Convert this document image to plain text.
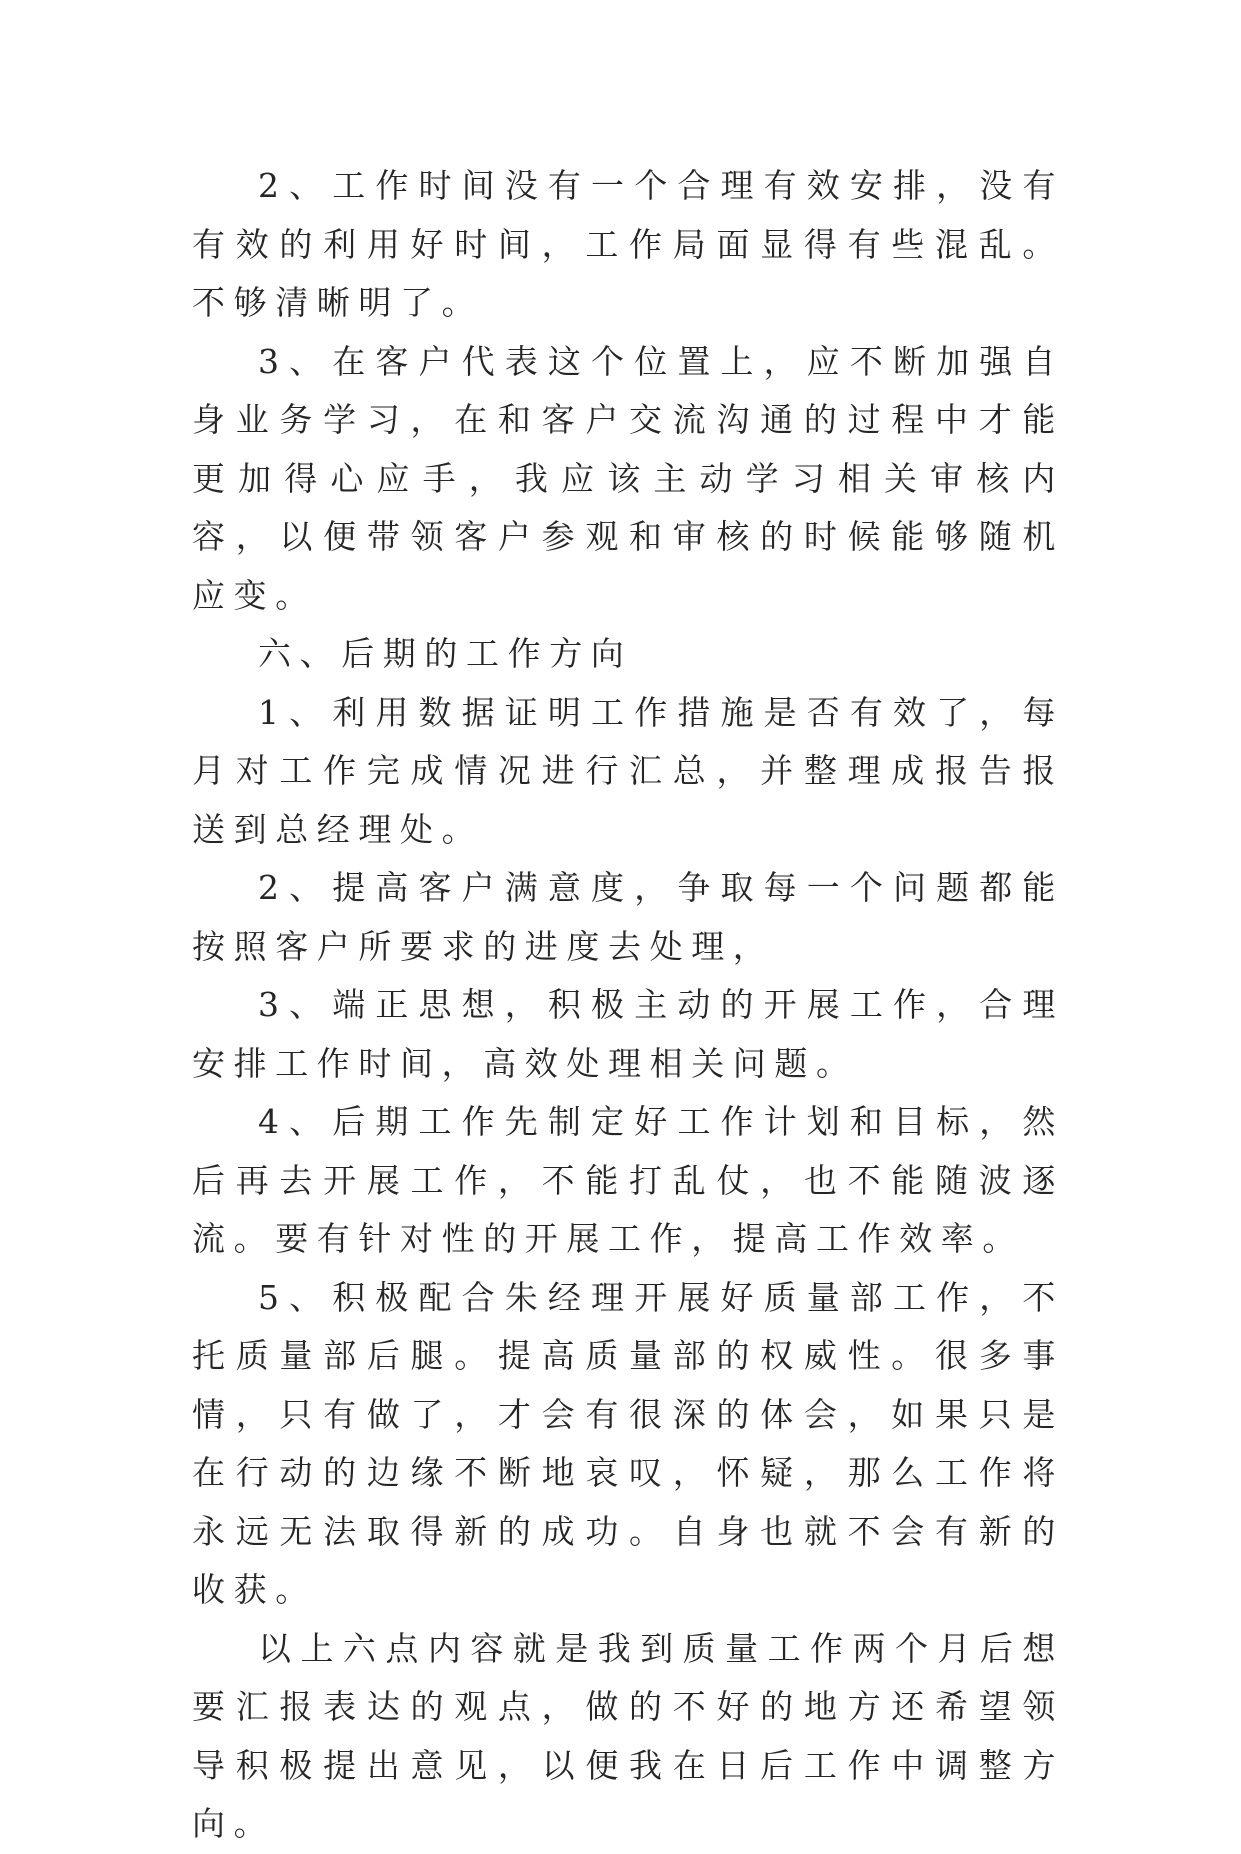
2、工作时间没有一个合理有效安排，没有有效的利用好时间，工作局面显得有些混乱。不够清晰明了。

3、在客户代表这个位置上，应不断加强自身业务学习，在和客户交流沟通的过程中才能更加得心应手，我应该主动学习相关审核内容，以便带领客户参观和审核的时候能够随机应变。

六、后期的工作方向

1、利用数据证明工作措施是否有效了，每月对工作完成情况进行汇总，并整理成报告报送到总经理处。

2、提高客户满意度，争取每一个问题都能按照客户所要求的进度去处理，

3、端正思想，积极主动的开展工作，合理安排工作时间，高效处理相关问题。

4、后期工作先制定好工作计划和目标，然后再去开展工作，不能打乱仗，也不能随波逐流。要有针对性的开展工作，提高工作效率。

5、积极配合朱经理开展好质量部工作，不托质量部后腿。提高质量部的权威性。很多事情，只有做了，才会有很深的体会，如果只是在行动的边缘不断地哀叹，怀疑，那么工作将永远无法取得新的成功。自身也就不会有新的收获。

以上六点内容就是我到质量工作两个月后想要汇报表达的观点，做的不好的地方还希望领导积极提出意见，以便我在日后工作中调整方向。
